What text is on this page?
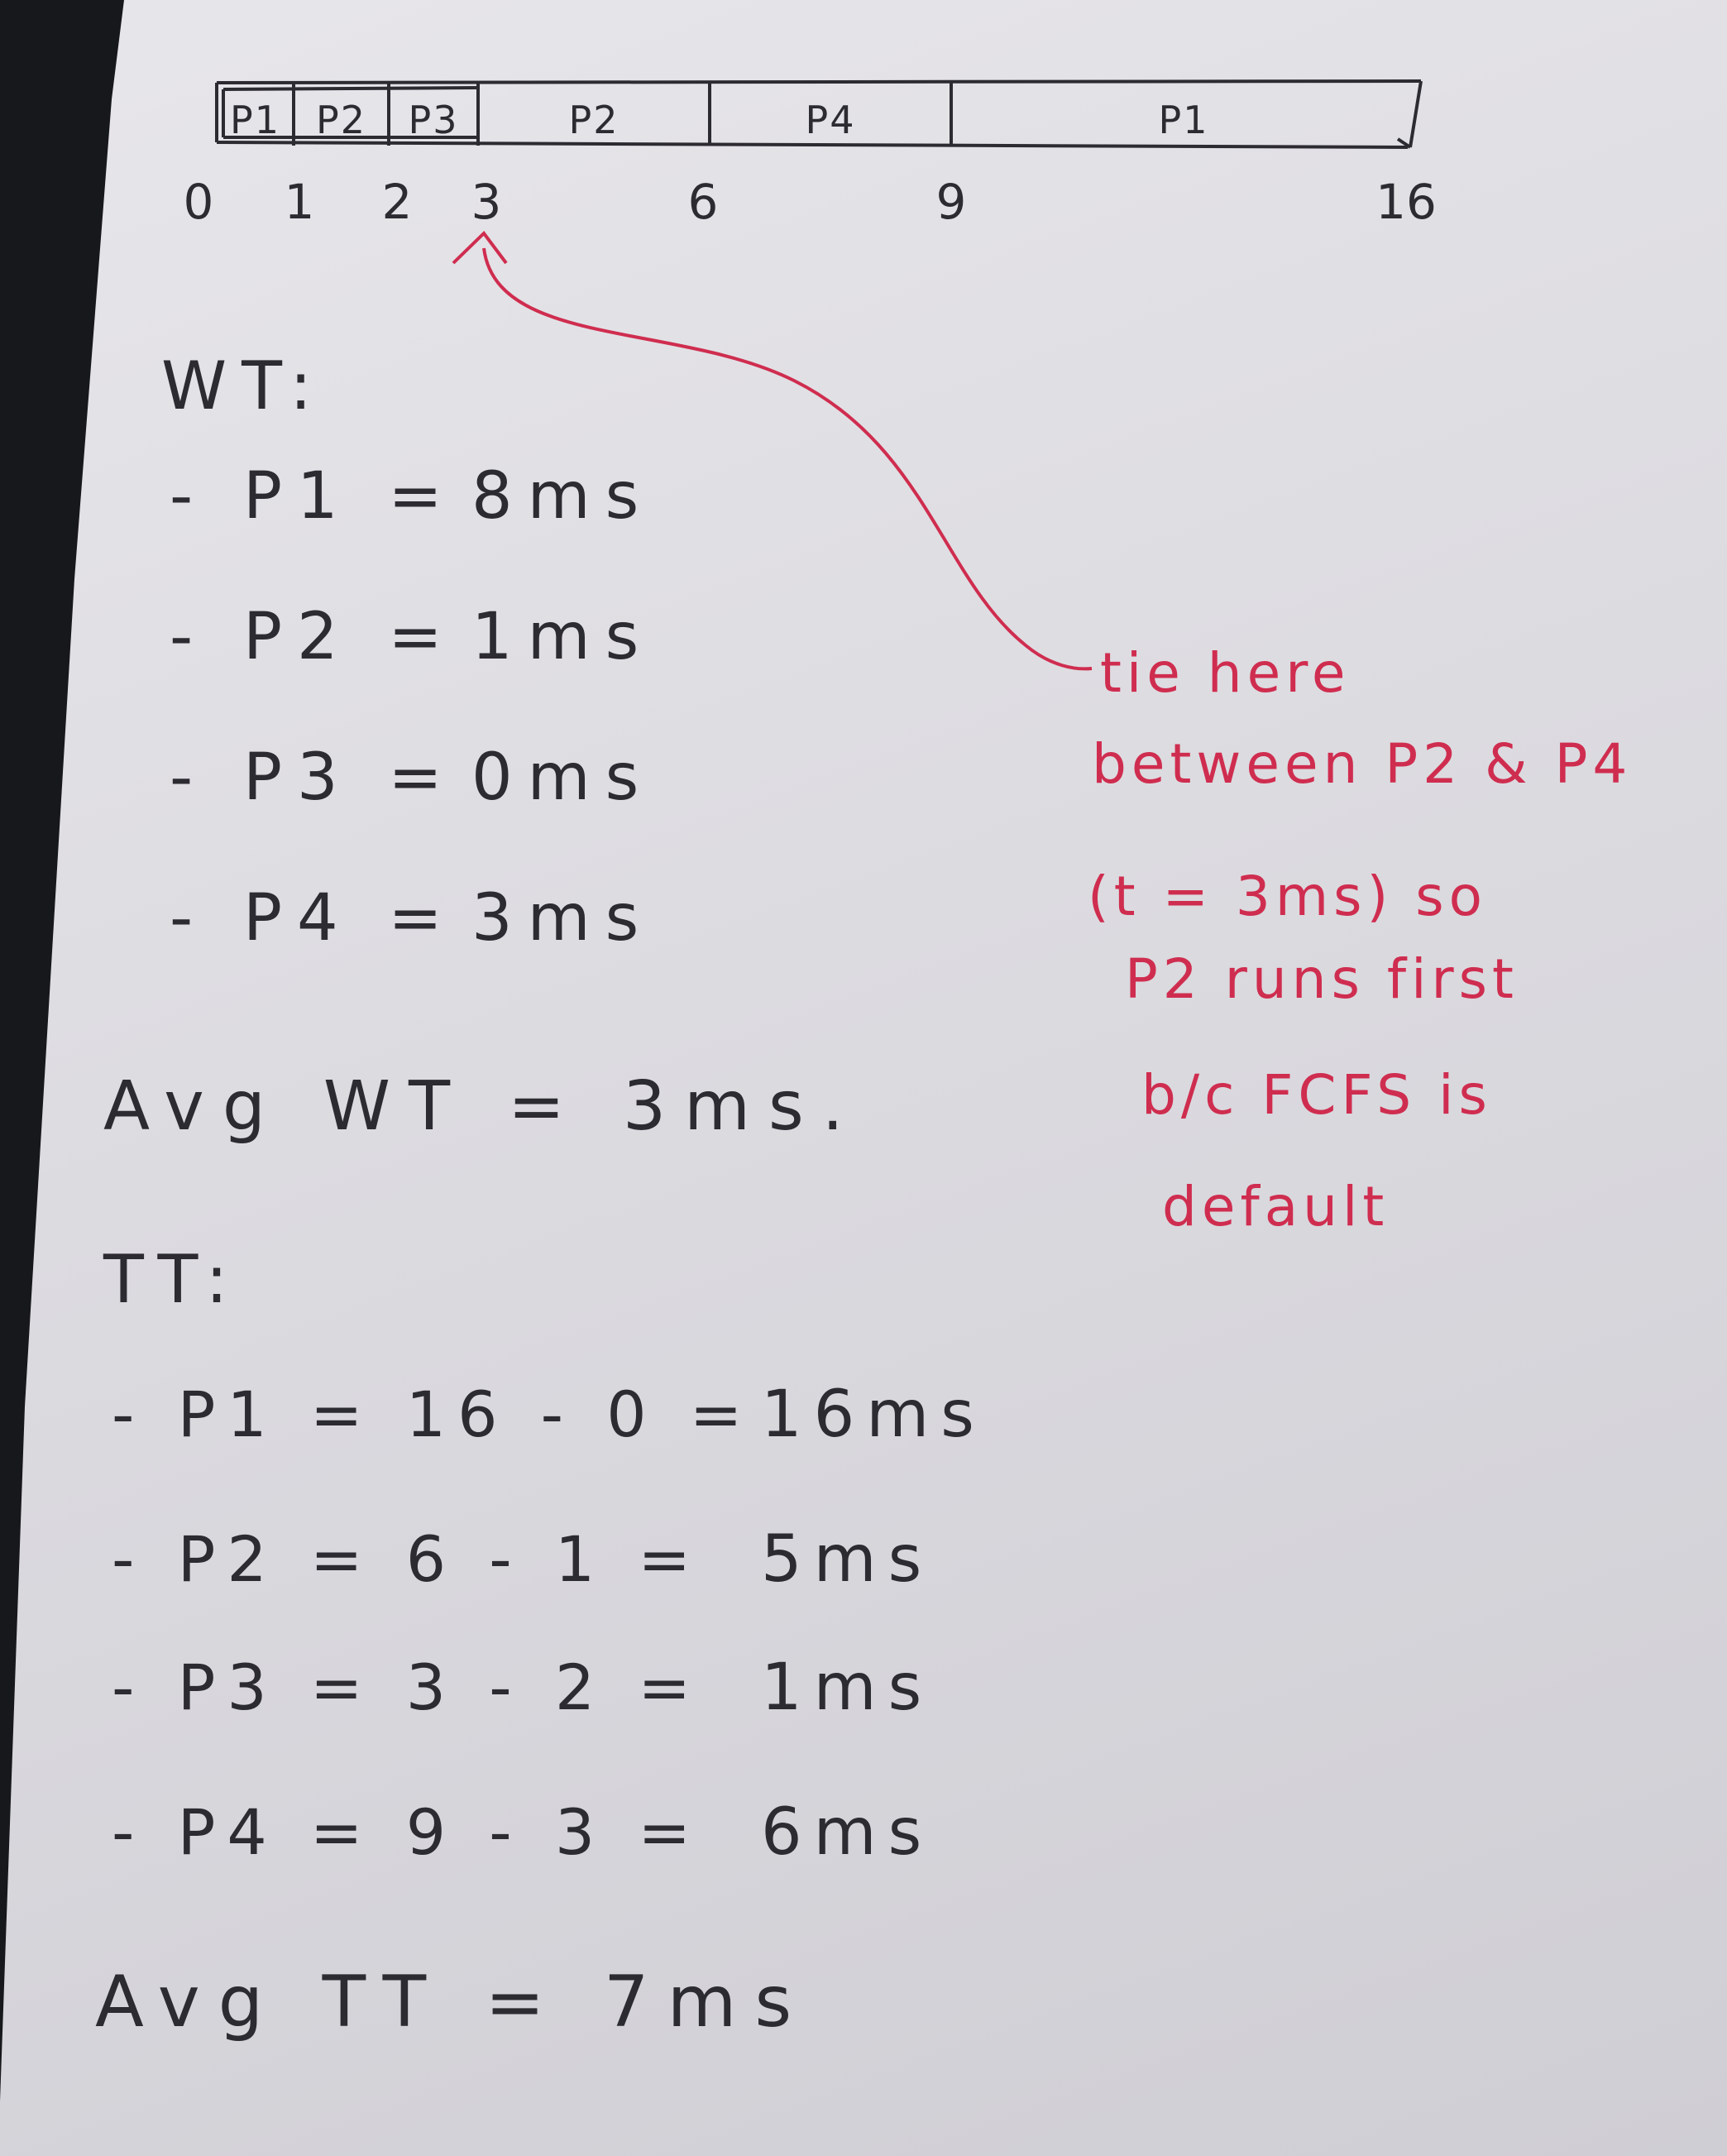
P1 P2 P3	P2	P4	P1
0 1 2 3	6	9	16
WT:
- P1 = 8ms
- P2 = 1ms
- P3 = 0ms
- P4 = 3ms
Avg WT = 3ms.
TT:
- P1 = 16 - 0 = 16ms
- P2 = 6 - 1 = 5ms
- P3 = 3 - 2 = 1ms
- P4 = 9 - 3 = 6ms
Avg TT = 7ms
tie here
between P2 & P4
(t = 3ms) so
P2 runs first
b/c FCFS is
default
